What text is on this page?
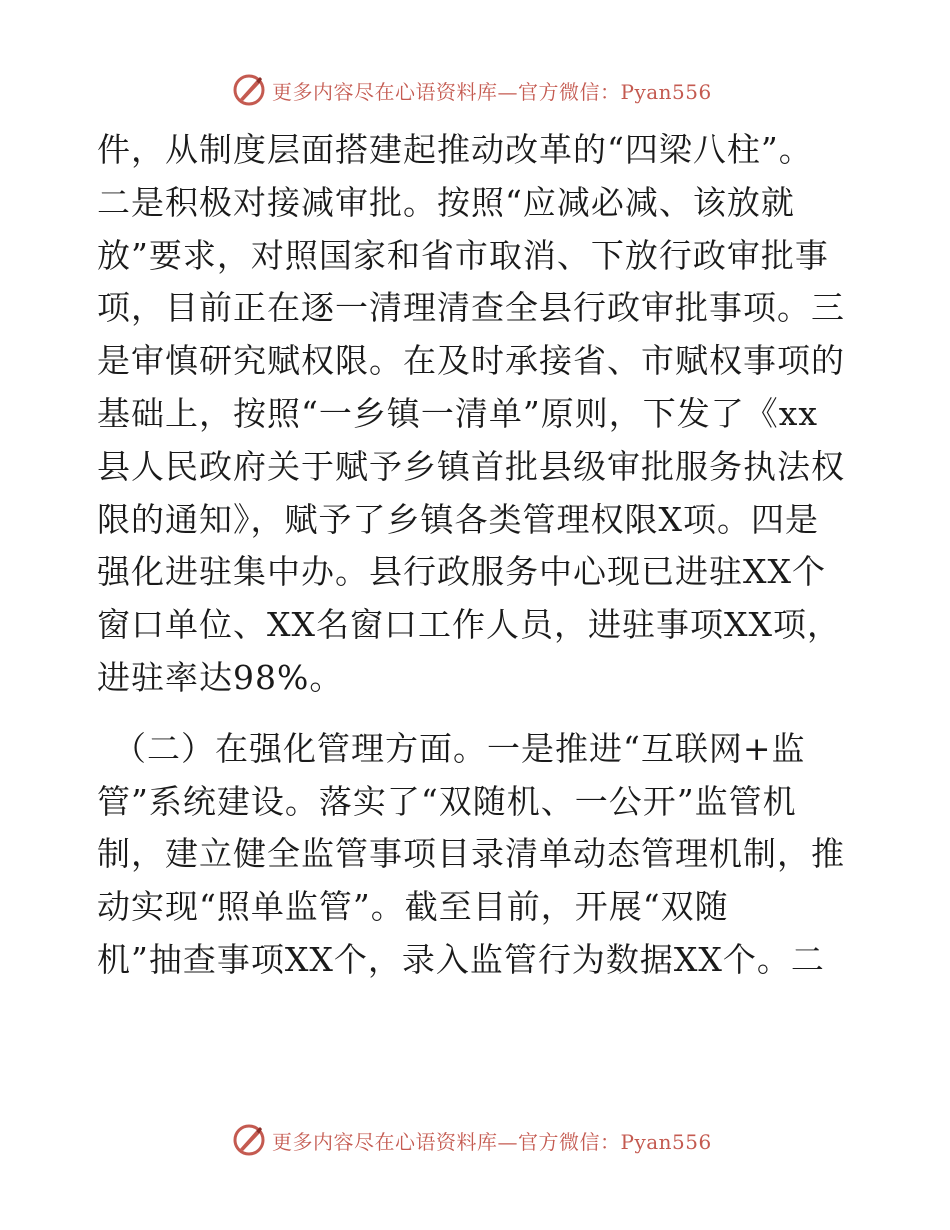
更多内容尽在心语资料库—官方微信：Pyan556
件，从制度层面搭建起推动改革的“四梁八柱”。
二是积极对接减审批。按照“应减必减、该放就
放”要求，对照国家和省市取消、下放行政审批事
项，目前正在逐一清理清查全县行政审批事项。三
是审慎研究赋权限。在及时承接省、市赋权事项的
基础上，按照“一乡镇一清单”原则，下发了《xx
县人民政府关于赋予乡镇首批县级审批服务执法权
限的通知》，赋予了乡镇各类管理权限X项。四是
强化进驻集中办。县行政服务中心现已进驻XX个
窗口单位、XX名窗口工作人员，进驻事项XX项，
进驻率达98%。
（二）在强化管理方面。一是推进“互联网+监
管”系统建设。落实了“双随机、一公开”监管机
制，建立健全监管事项目录清单动态管理机制，推
动实现“照单监管”。截至目前，开展“双随
机”抽查事项XX个，录入监管行为数据XX个。二
更多内容尽在心语资料库—官方微信：Pyan556
